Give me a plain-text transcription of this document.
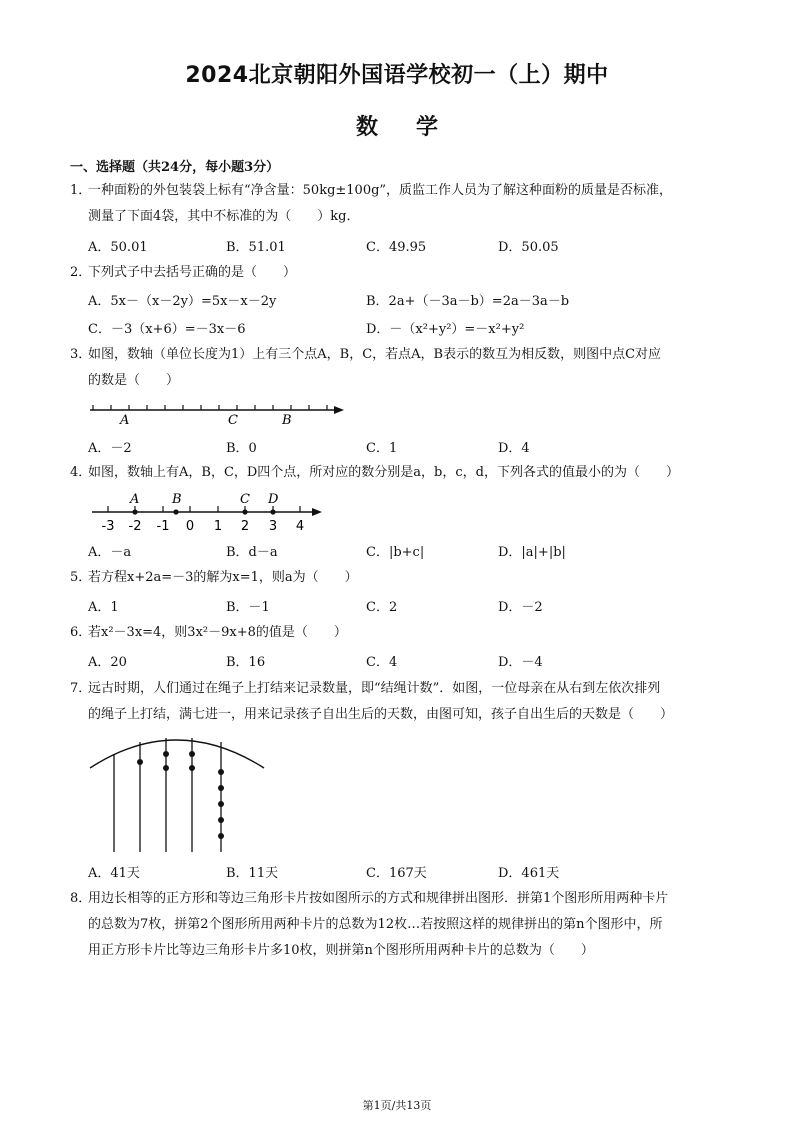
2024北京朝阳外国语学校初一（上）期中
数学
一、选择题（共24分，每小题3分）
1．一种面粉的外包装袋上标有“净含量：50kg±100g”，质监工作人员为了解这种面粉的质量是否标准，

测量了下面4袋，其中不标准的为（　　）kg．
A．50.01	B．51.01	C．49.95	D．50.05
2．下列式子中去括号正确的是（　　）
A．5x－（x－2y）=5x－x－2y	B．2a+（－3a－b）=2a－3a－b
C．－3（x+6）=－3x－6	D．－（x²+y²）=－x²+y²
3．如图，数轴（单位长度为1）上有三个点A，B，C，若点A，B表示的数互为相反数，则图中点C对应

的数是（　　）
A	C	B
A．－2	B．0	C．1	D．4
4．如图，数轴上有A，B，C，D四个点，所对应的数分别是a，b，c，d，下列各式的值最小的为（　　）
A	B	C D
-3 -2 -1 0 1 2 3 4
A．－a	B．d－a	C．|b+c|	D．|a|+|b|
5．若方程x+2a=－3的解为x=1，则a为（　　）
A．1	B．－1	C．2	D．－2
6．若x²－3x=4，则3x²－9x+8的值是（　　）
A．20	B．16	C．4	D．－4
7．远古时期，人们通过在绳子上打结来记录数量，即“结绳计数”．如图，一位母亲在从右到左依次排列

的绳子上打结，满七进一，用来记录孩子自出生后的天数，由图可知，孩子自出生后的天数是（　　）
A．41天	B．11天	C．167天	D．461天
8．用边长相等的正方形和等边三角形卡片按如图所示的方式和规律拼出图形．拼第1个图形所用两种卡片

的总数为7枚，拼第2个图形所用两种卡片的总数为12枚…若按照这样的规律拼出的第n个图形中，所
用正方形卡片比等边三角形卡片多10枚，则拼第n个图形所用两种卡片的总数为（　　）
第1页/共13页
